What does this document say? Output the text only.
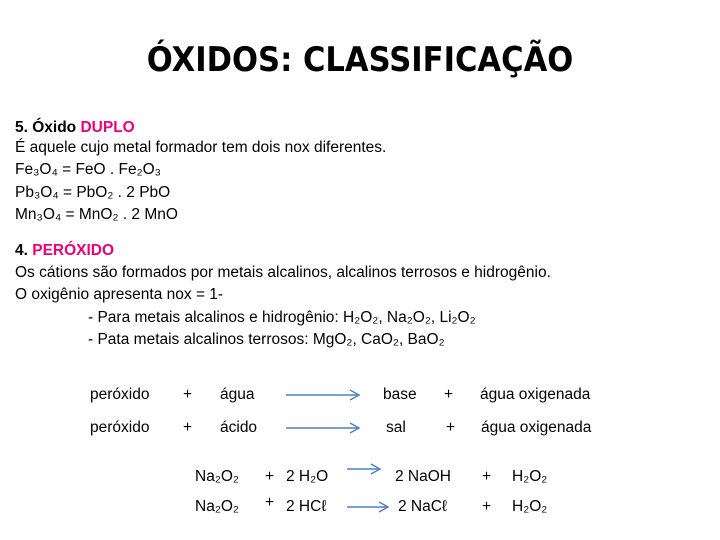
ÓXIDOS: CLASSIFICAÇÃO
5. Óxido DUPLO
É aquele cujo metal formador tem dois nox diferentes.
Fe₃O₄ = FeO . Fe₂O₃
Pb₃O₄ = PbO₂ . 2 PbO
Mn₃O₄ = MnO₂ . 2 MnO
4. PERÓXIDO
Os cátions são formados por metais alcalinos, alcalinos terrosos e hidrogênio.
O oxigênio apresenta nox = 1-
- Para metais alcalinos e hidrogênio: H₂O₂, Na₂O₂, Li₂O₂
- Pata metais alcalinos terrosos: MgO₂, CaO₂, BaO₂
peróxido + água	base + água oxigenada
peróxido + ácido	sal	+ água oxigenada
Na₂O₂ + 2 H₂O → 2 NaOH + H₂O₂
Na₂O₂ + 2 HCℓ → 2 NaCℓ + H₂O₂
